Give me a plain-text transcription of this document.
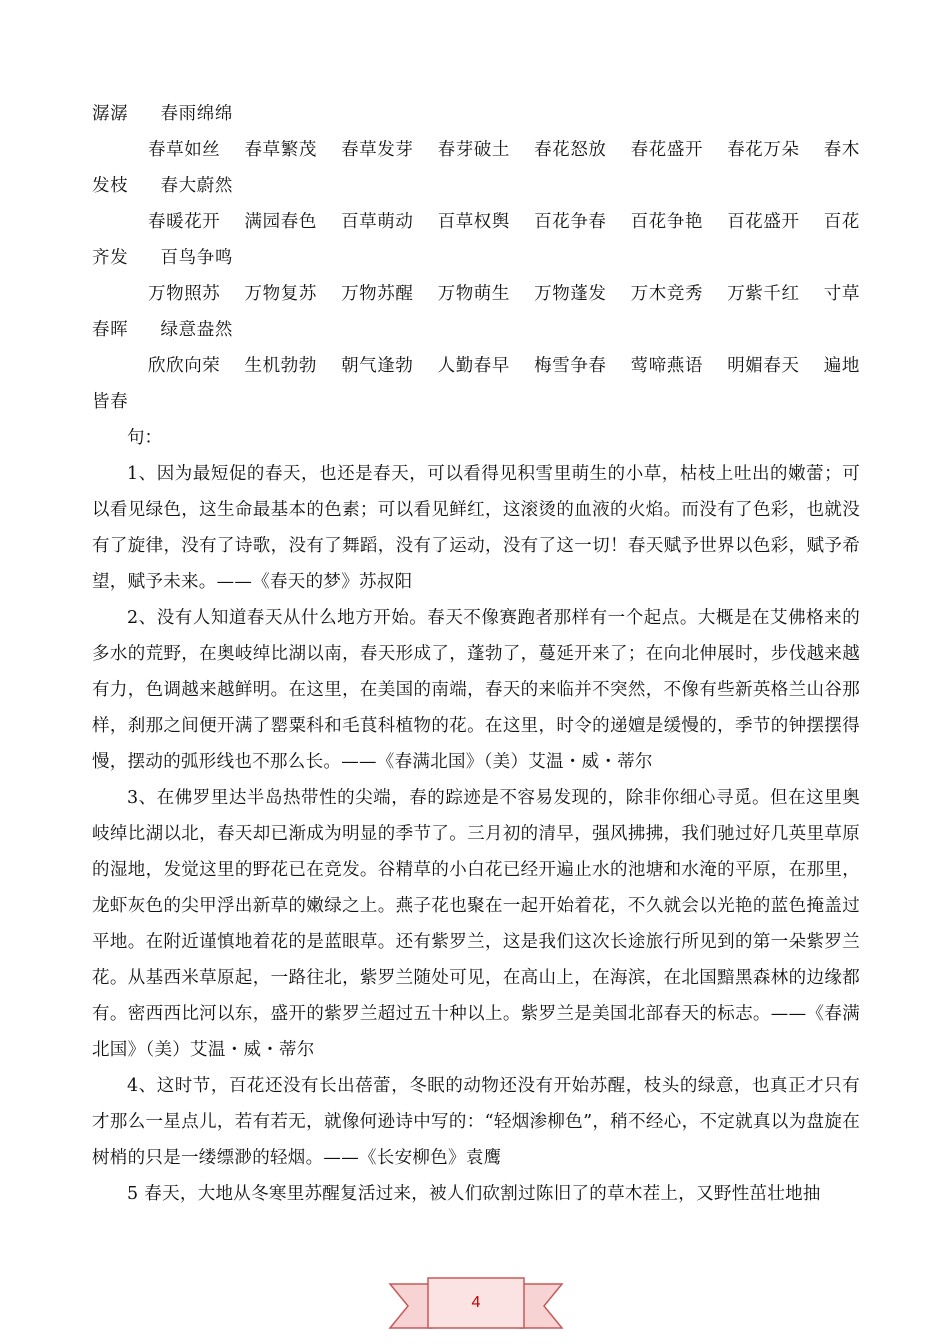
潺潺 春雨绵绵
春草如丝 春草繁茂 春草发芽 春芽破土 春花怒放 春花盛开 春花万朵 春木
发枝 春大蔚然
春暖花开 满园春色 百草萌动 百草权舆 百花争春 百花争艳 百花盛开 百花
齐发 百鸟争鸣
万物照苏 万物复苏 万物苏醒 万物萌生 万物蓬发 万木竞秀 万紫千红 寸草
春晖 绿意盎然
欣欣向荣 生机勃勃 朝气逢勃 人勤春早 梅雪争春 莺啼燕语 明媚春天 遍地
皆春
句：

1、因为最短促的春天，也还是春天，可以看得见积雪里萌生的小草，枯枝上吐出的嫩蕾；可以看见绿色，这生命最基本的色素；可以看见鲜红，这滚烫的血液的火焰。而没有了色彩，也就没有了旋律，没有了诗歌，没有了舞蹈，没有了运动，没有了这一切！春天赋予世界以色彩，赋予希望，赋予未来。——《春天的梦》苏叔阳

2、没有人知道春天从什么地方开始。春天不像赛跑者那样有一个起点。大概是在艾佛格来的多水的荒野，在奥岐绰比湖以南，春天形成了，蓬勃了，蔓延开来了；在向北伸展时，步伐越来越有力，色调越来越鲜明。在这里，在美国的南端，春天的来临并不突然，不像有些新英格兰山谷那样，刹那之间便开满了罂粟科和毛茛科植物的花。在这里，时令的递嬗是缓慢的，季节的钟摆摆得慢，摆动的弧形线也不那么长。——《春满北国》（美）艾温・威・蒂尔

3、在佛罗里达半岛热带性的尖端，春的踪迹是不容易发现的，除非你细心寻觅。但在这里奥岐绰比湖以北，春天却已渐成为明显的季节了。三月初的清早，强风拂拂，我们驰过好几英里草原的湿地，发觉这里的野花已在竞发。谷精草的小白花已经开遍止水的池塘和水淹的平原，在那里，龙虾灰色的尖甲浮出新草的嫩绿之上。燕子花也聚在一起开始着花，不久就会以光艳的蓝色掩盖过平地。在附近谨慎地着花的是蓝眼草。还有紫罗兰，这是我们这次长途旅行所见到的第一朵紫罗兰花。从基西米草原起，一路往北，紫罗兰随处可见，在高山上，在海滨，在北国黯黑森林的边缘都有。密西西比河以东，盛开的紫罗兰超过五十种以上。紫罗兰是美国北部春天的标志。——《春满北国》（美）艾温・威・蒂尔

4、这时节，百花还没有长出蓓蕾，冬眠的动物还没有开始苏醒，枝头的绿意，也真正才只有才那么一星点儿，若有若无，就像何逊诗中写的：“轻烟渗柳色”，稍不经心，不定就真以为盘旋在树梢的只是一缕缥渺的轻烟。——《长安柳色》袁鹰

5 春天，大地从冬寒里苏醒复活过来，被人们砍割过陈旧了的草木茬上，又野性茁壮地抽

4
